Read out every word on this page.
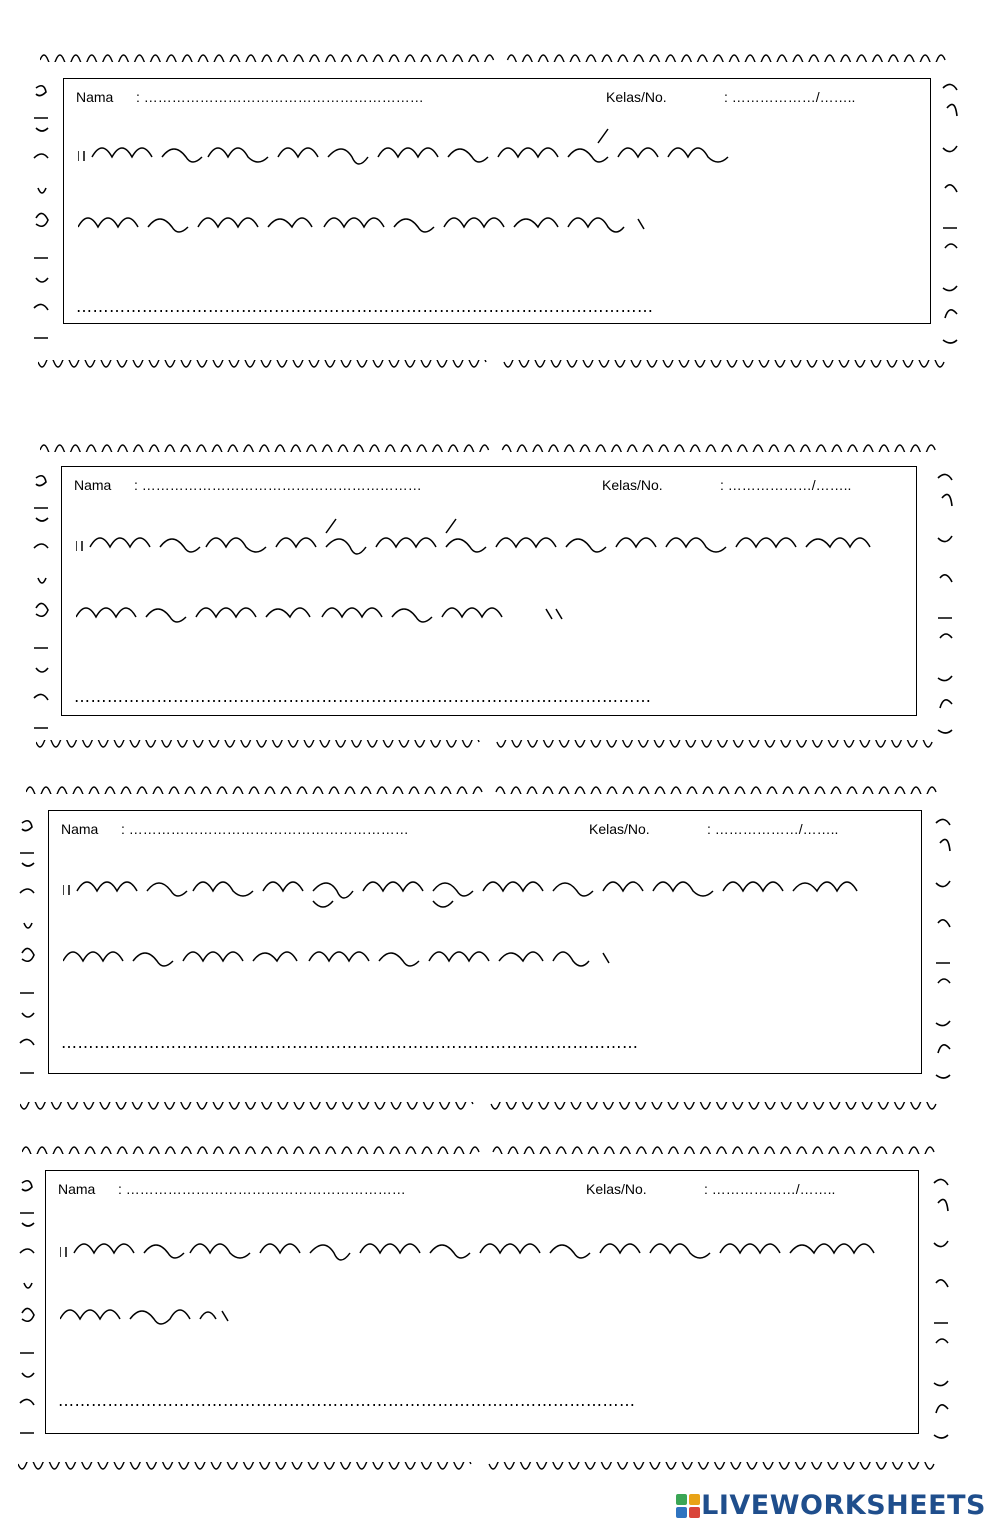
Nama : ……………………………………………………	Kelas/No.	: ………………/……..
……………………………………………………………………………………………
Nama : ……………………………………………………	Kelas/No.	: ………………/……..
……………………………………………………………………………………………
Nama : ……………………………………………………	Kelas/No.	: ………………/……..
……………………………………………………………………………………………
Nama : ……………………………………………………	Kelas/No.	: ………………/……..
……………………………………………………………………………………………
LIVEWORKSHEETS
